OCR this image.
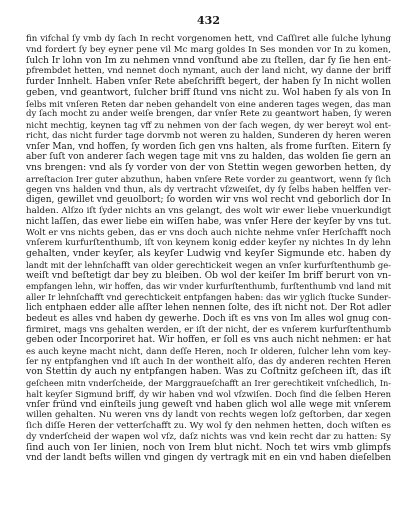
432
fin vifchal ſy vmb dy ſach In recht vorgenomen hett, vnd Caſſiret alle ſulche lyhung
vnd fordert ſy bey eyner pene vil Mc marg goldes In Ses monden vor In zu komen,
ſulch Ir lohn von Im zu nehmen vnnd vonſtund abe zu ſtellen, dar ſy ſie hen ent-
pfrembdet hetten, vnd nennet doch nymant, auch der land nicht, wy danne der briff
furder Innhelt. Haben vnſer Rete abeſchrifft begert, der haben ſy In nicht wollen
geben, vnd geantwort, ſulcher briff ſtund vns nicht zu. Wol haben ſy als von In
ſelbs mit vnſeren Reten dar neben gehandelt von eine anderen tages wegen, das man
dy ſach mocht zu ander weiſe brengen, dar vnſer Rete zu geantwort haben, ſy weren
nicht mechtig, keynen tag vff zu nehmen von der ſach wegen, dy wer bereyt wol ent-
richt, das nicht furder tage dorvmb not weren zu halden, Sunderen dy heren weren
vnſer Man, vnd hoffen, ſy worden ſich gen vns halten, als frome furſten. Eitern ſy
aber ſuſt von anderer ſach wegen tage mit vns zu halden, das wolden ſie gern an
vns brengen: vnd als ſy vorder von der von Stettin wegen geworben hetten, dy
arreſtacion Irer guter abzuthun, haben vnſere Rete vorder zu geantwort, wenn ſy ſich
gegen vns halden vnd thun, als dy vertracht vſzweiſet, dy ſy ſelbs haben helffen ver-
digen, gewillet vnd geuolbort; ſo worden wir vns wol recht vnd geborlich dor In
halden. Alſzo iſt ſyder nichts an vns gelangt, des wolt wir ewer liebe vnuerkundigt
nicht laſſen, das ewer liebe ein wiſſen habe, was vnſer Here der keyſer by vns tut.
Wolt er vns nichts geben, das er vns doch auch nichte nehme vnſer Herſchafft noch
vnſerem kurfurſtenthumb, iſt von keynem konig edder keyſer ny nichtes In dy lehn
gehalten, vnder keyſer, als keyſer Ludwig vnd keyſer Sigmunde etc. haben dy
landt mit der lehnſchafft van older gerechtickeit wegen an vnſer kurfurſtenthumb ge-
weiſt vnd beſtetigt dar bey zu bleiben. Ob wol der keiſer Im briff berurt von vn-
empfangen lehn, wir hoffen, das wir vnder kurfurſtenthumb, furſtenthumb vnd land mit
aller Ir lehnſchafft vnd gerechtickeit entpfangen haben: das wir yglich ſtucke Sunder-
lich entphaen edder alle aſſter lehen nennen ſolte, des iſt nicht not. Der Rot adler
bedeut es alles vnd haben dy gewerhe. Doch iſt es vns von Im alles wol gnug con-
firmiret, mags vns gehalten werden, er iſt der nicht, der es vnſerem kurfurſtenthumb
geben oder Incorporiret hat. Wir hoffen, er ſoll es vns auch nicht nehmen: er hat
es auch keyne macht nicht, dann deſſe Heren, noch Ir olderen, ſulcher lehn vom key-
ſer ny entpfanghen vnd iſt auch In der wontheit alſo, das dy anderen rechten Heren
von Stettin dy auch ny entpfangen haben. Was zu Coſtnitz geſcheen iſt, das iſt
geſcheen mitn vnderſcheide, der Marggraueſchafft an Irer gerechtikeit vnſchedlich, In-
halt keyſer Sigmund briff, dy wir haben vnd wol vſzwiſen. Doch ſind die ſelben Heren
vnſer fründ vnd einſteils jung geweſt vnd haben glich wol alle wege mit vnſerem
willen gehalten. Nu weren vns dy landt von rechts wegen loſz geſtorben, dar xegen
ſich diſſe Heren der vetterſchafft zu. Wy wol ſy den nehmen hetten, doch wiſten es
dy vnderſcheid der wapen wol vſz, daſz nichts was vnd kein recht dar zu hatten: Sy
ſind auch von Ier linien, noch von Irem blut nicht. Noch tet wirs vmb glimpfs
vnd der landt beſts willen vnd gingen dy vertragk mit en ein vnd haben dieſelben
